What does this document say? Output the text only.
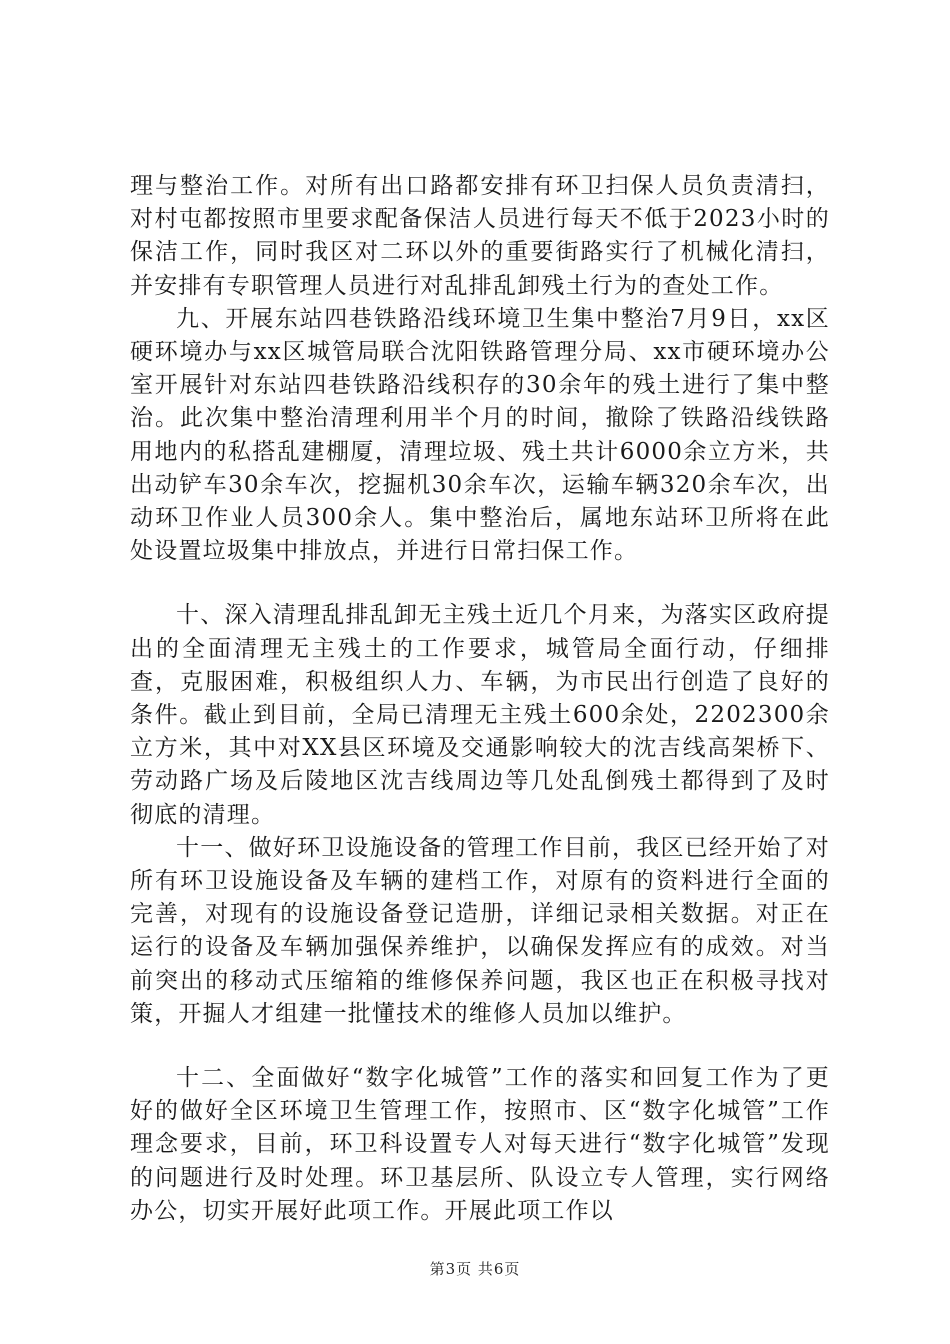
理与整治工作。对所有出口路都安排有环卫扫保人员负责清扫，对村屯都按照市里要求配备保洁人员进行每天不低于2023小时的保洁工作，同时我区对二环以外的重要街路实行了机械化清扫，并安排有专职管理人员进行对乱排乱卸残土行为的查处工作。

九、开展东站四巷铁路沿线环境卫生集中整治7月9日，xx区硬环境办与xx区城管局联合沈阳铁路管理分局、xx市硬环境办公室开展针对东站四巷铁路沿线积存的30余年的残土进行了集中整治。此次集中整治清理利用半个月的时间，撤除了铁路沿线铁路用地内的私搭乱建棚厦，清理垃圾、残土共计6000余立方米，共出动铲车30余车次，挖掘机30余车次，运输车辆320余车次，出动环卫作业人员300余人。集中整治后，属地东站环卫所将在此处设置垃圾集中排放点，并进行日常扫保工作。

十、深入清理乱排乱卸无主残土近几个月来，为落实区政府提出的全面清理无主残土的工作要求，城管局全面行动，仔细排查，克服困难，积极组织人力、车辆，为市民出行创造了良好的条件。截止到目前，全局已清理无主残土600余处，2202300余立方米，其中对XX县区环境及交通影响较大的沈吉线高架桥下、劳动路广场及后陵地区沈吉线周边等几处乱倒残土都得到了及时彻底的清理。

十一、做好环卫设施设备的管理工作目前，我区已经开始了对所有环卫设施设备及车辆的建档工作，对原有的资料进行全面的完善，对现有的设施设备登记造册，详细记录相关数据。对正在运行的设备及车辆加强保养维护，以确保发挥应有的成效。对当前突出的移动式压缩箱的维修保养问题，我区也正在积极寻找对策，开掘人才组建一批懂技术的维修人员加以维护。

十二、全面做好“数字化城管”工作的落实和回复工作为了更好的做好全区环境卫生管理工作，按照市、区“数字化城管”工作理念要求，目前，环卫科设置专人对每天进行“数字化城管”发现的问题进行及时处理。环卫基层所、队设立专人管理，实行网络办公，切实开展好此项工作。开展此项工作以

第3页 共6页
